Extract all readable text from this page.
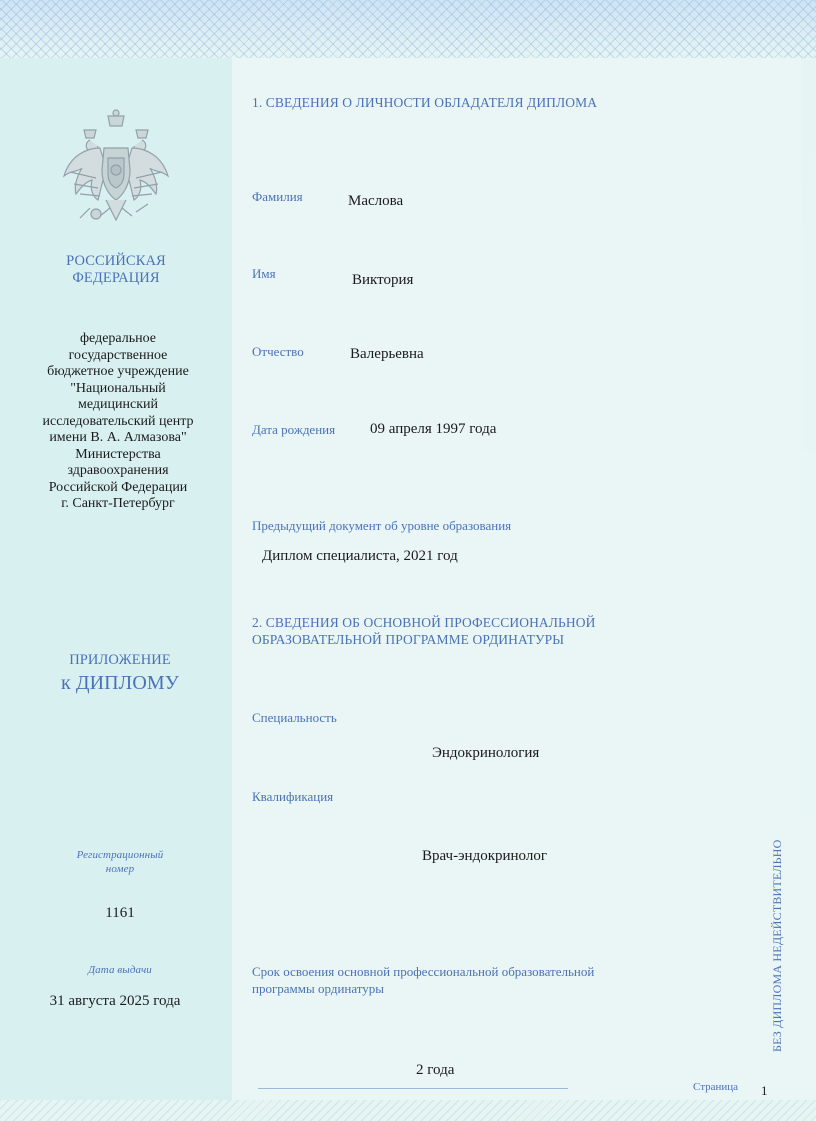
РОССИЙСКАЯ
ФЕДЕРАЦИЯ
федеральное
государственное
бюджетное учреждение
"Национальный
медицинский
исследовательский центр
имени В. А. Алмазова"
Министерства
здравоохранения
Российской Федерации
г. Санкт-Петербург
ПРИЛОЖЕНИЕ
к ДИПЛОМУ
Регистрационный
номер
1161
Дата выдачи
31 августа 2025 года
1. СВЕДЕНИЯ О ЛИЧНОСТИ ОБЛАДАТЕЛЯ ДИПЛОМА
Фамилия	Маслова
Имя	Виктория
Отчество	Валерьевна
Дата рождения 09 апреля 1997 года
Предыдущий документ об уровне образования
Диплом специалиста, 2021 год
2. СВЕДЕНИЯ ОБ ОСНОВНОЙ ПРОФЕССИОНАЛЬНОЙ
ОБРАЗОВАТЕЛЬНОЙ ПРОГРАММЕ ОРДИНАТУРЫ
Специальность
Эндокринология
Квалификация
Врач-эндокринолог
Срок освоения основной профессиональной образовательной
программы ординатуры
2 года
Страница 1
БЕЗ ДИПЛОМА НЕДЕЙСТВИТЕЛЬНО
